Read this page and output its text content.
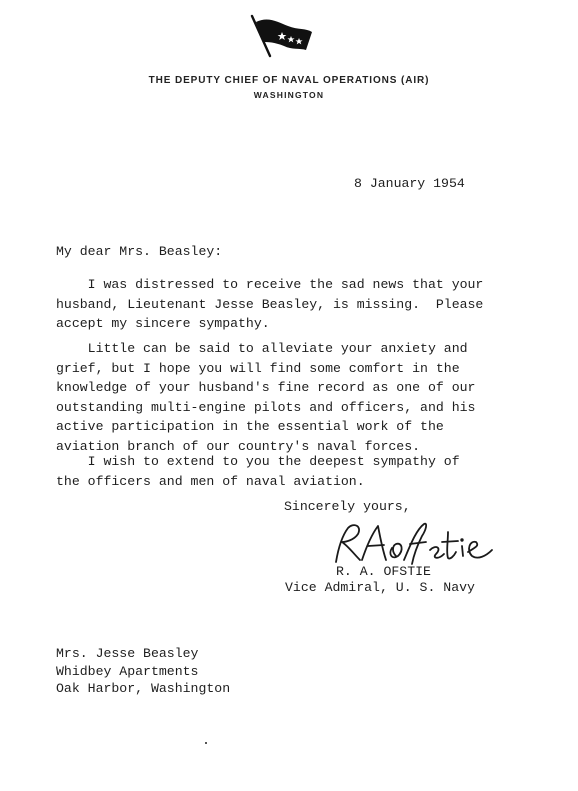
THE DEPUTY CHIEF OF NAVAL OPERATIONS (AIR)
WASHINGTON
8 January 1954
My dear Mrs. Beasley:
I was distressed to receive the sad news that your
husband, Lieutenant Jesse Beasley, is missing.  Please
accept my sincere sympathy.
Little can be said to alleviate your anxiety and
grief, but I hope you will find some comfort in the
knowledge of your husband's fine record as one of our
outstanding multi-engine pilots and officers, and his
active participation in the essential work of the
aviation branch of our country's naval forces.
I wish to extend to you the deepest sympathy of
the officers and men of naval aviation.
Sincerely yours,
R. A. OFSTIE
Vice Admiral, U. S. Navy
Mrs. Jesse Beasley
Whidbey Apartments
Oak Harbor, Washington
